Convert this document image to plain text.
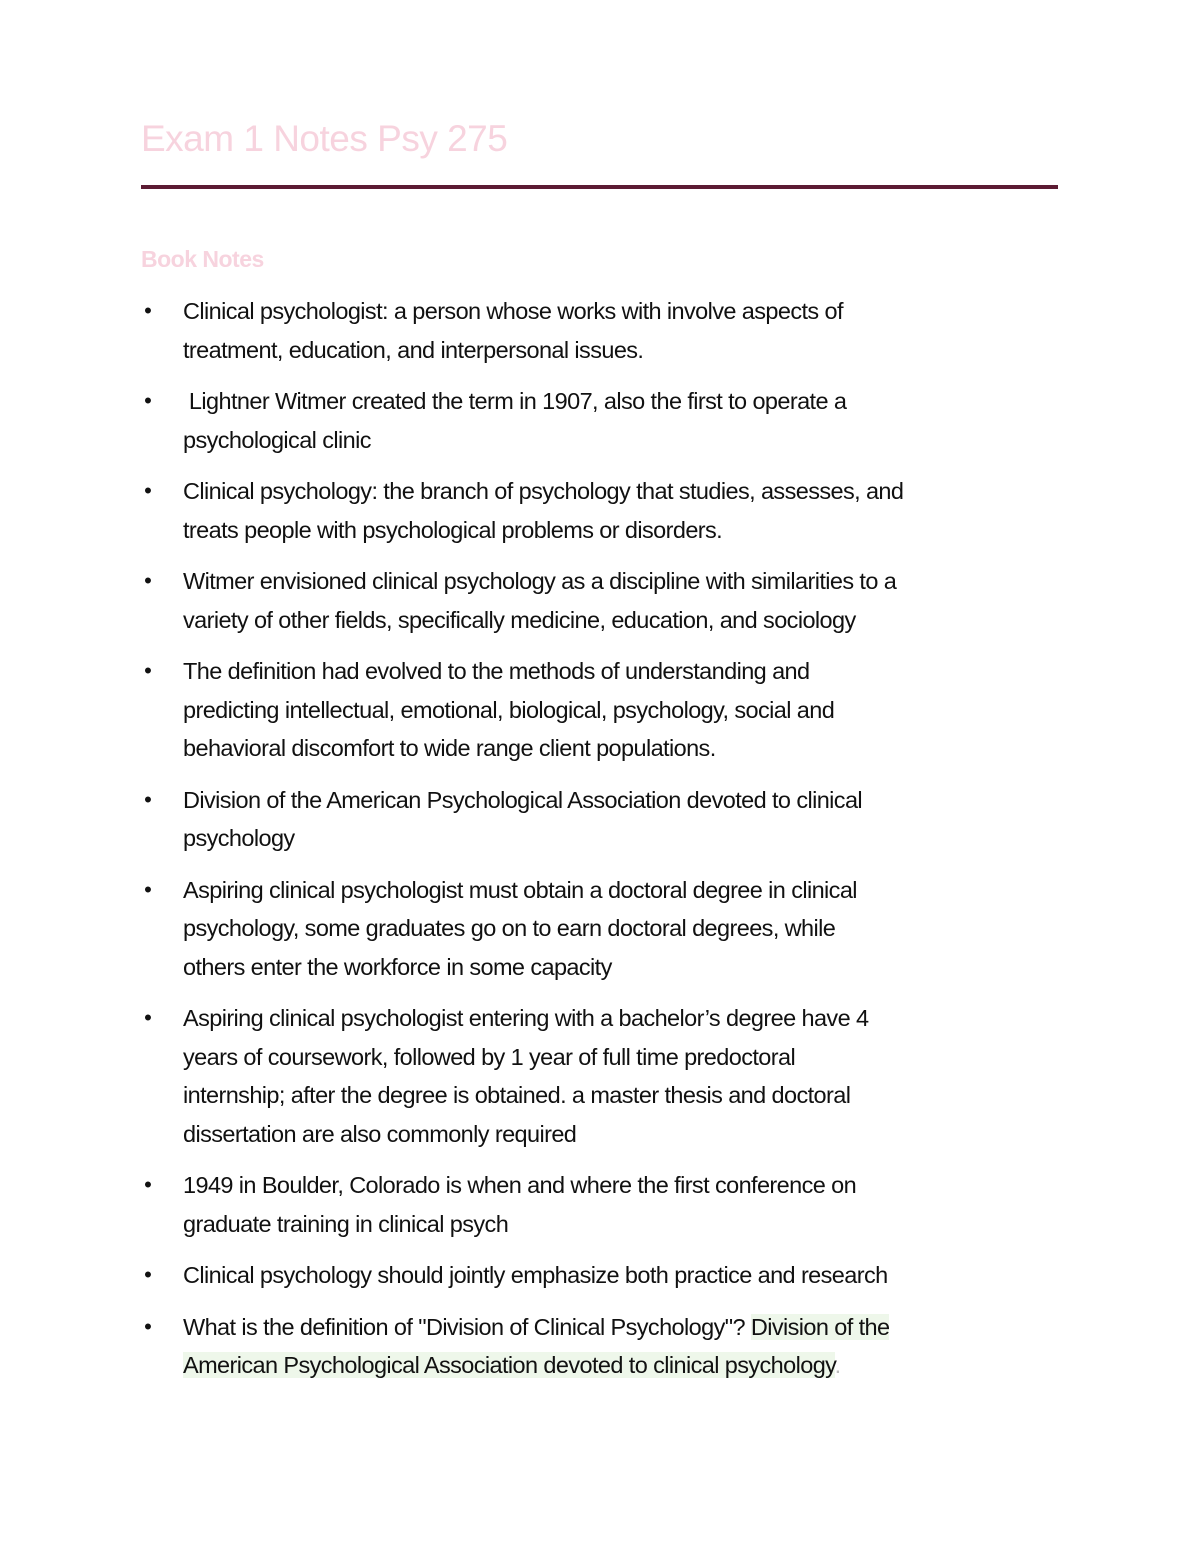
Exam 1 Notes Psy 275
Book Notes
• Clinical psychologist: a person whose works with involve aspects of
treatment, education, and interpersonal issues.
• Lightner Witmer created the term in 1907, also the first to operate a
psychological clinic
• Clinical psychology: the branch of psychology that studies, assesses, and
treats people with psychological problems or disorders.
• Witmer envisioned clinical psychology as a discipline with similarities to a
variety of other fields, specifically medicine, education, and sociology
• The definition had evolved to the methods of understanding and
predicting intellectual, emotional, biological, psychology, social and
behavioral discomfort to wide range client populations.
• Division of the American Psychological Association devoted to clinical
psychology
• Aspiring clinical psychologist must obtain a doctoral degree in clinical
psychology, some graduates go on to earn doctoral degrees, while
others enter the workforce in some capacity
• Aspiring clinical psychologist entering with a bachelor’s degree have 4
years of coursework, followed by 1 year of full time predoctoral
internship; after the degree is obtained. a master thesis and doctoral
dissertation are also commonly required
• 1949 in Boulder, Colorado is when and where the first conference on
graduate training in clinical psych
• Clinical psychology should jointly emphasize both practice and research
• What is the definition of "Division of Clinical Psychology"? Division of the
American Psychological Association devoted to clinical psychology.
